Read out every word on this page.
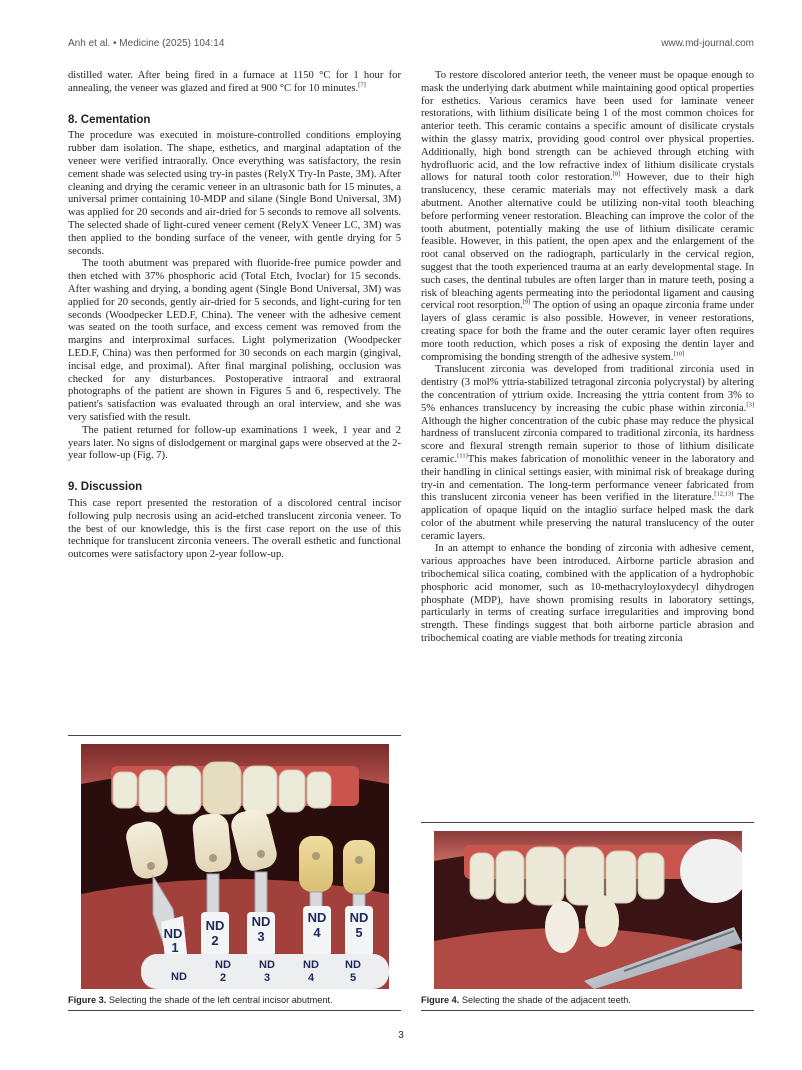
Anh et al. • Medicine (2025) 104:14	www.md-journal.com

distilled water. After being fired in a furnace at 1150 °C for 1 hour for annealing, the veneer was glazed and fired at 900 °C for 10 minutes.[7]

8. Cementation

The procedure was executed in moisture-controlled conditions employing rubber dam isolation. The shape, esthetics, and marginal adaptation of the veneer were verified intraorally. Once everything was satisfactory, the resin cement shade was selected using try-in pastes (RelyX Try-In Paste, 3M). After cleaning and drying the ceramic veneer in an ultrasonic bath for 15 minutes, a universal primer containing 10-MDP and silane (Single Bond Universal, 3M) was applied for 20 seconds and air-dried for 5 seconds to remove all solvents. The selected shade of light-cured veneer cement (RelyX Veneer LC, 3M) was then applied to the bonding surface of the veneer, with gentle drying for 5 seconds.

The tooth abutment was prepared with fluoride-free pumice powder and then etched with 37% phosphoric acid (Total Etch, Ivoclar) for 15 seconds. After washing and drying, a bonding agent (Single Bond Universal, 3M) was applied for 20 seconds, gently air-dried for 5 seconds, and light-curing for ten seconds (Woodpecker LED.F, China). The veneer with the adhesive cement was seated on the tooth surface, and excess cement was removed from the margins and interproximal surfaces. Light polymerization (Woodpecker LED.F, China) was then performed for 30 seconds on each margin (gingival, incisal edge, and proximal). After final marginal polishing, occlusion was checked for any disturbances. Postoperative intraoral and extraoral photographs of the patient are shown in Figures 5 and 6, respectively. The patient's satisfaction was evaluated through an oral interview, and she was very satisfied with the result.

The patient returned for follow-up examinations 1 week, 1 year and 2 years later. No signs of dislodgement or marginal gaps were observed at the 2-year follow-up (Fig. 7).

9. Discussion

This case report presented the restoration of a discolored central incisor following pulp necrosis using an acid-etched translucent zirconia veneer. To the best of our knowledge, this is the first case report on the use of this technique for translucent zirconia veneers. The overall esthetic and functional outcomes were satisfactory upon 2-year follow-up.

To restore discolored anterior teeth, the veneer must be opaque enough to mask the underlying dark abutment while maintaining good optical properties for esthetics. Various ceramics have been used for laminate veneer restorations, with lithium disilicate being 1 of the most common choices for anterior teeth. This ceramic contains a specific amount of disilicate crystals within the glassy matrix, providing good control over physical properties. Additionally, high bond strength can be achieved through etching with hydrofluoric acid, and the low refractive index of lithium disilicate crystals allows for natural tooth color restoration.[8] However, due to their high translucency, these ceramic materials may not effectively mask a dark abutment. Another alternative could be utilizing non-vital tooth bleaching before performing veneer restoration. Bleaching can improve the color of the tooth abutment, potentially making the use of lithium disilicate ceramic feasible. However, in this patient, the open apex and the enlargement of the root canal observed on the radiograph, particularly in the cervical region, suggest that the tooth experienced trauma at an early developmental stage. In such cases, the dentinal tubules are often larger than in mature teeth, posing a risk of bleaching agents permeating into the periodontal ligament and causing cervical root resorption.[9] The option of using an opaque zirconia frame under layers of glass ceramic is also possible. However, in veneer restorations, creating space for both the frame and the outer ceramic layer often requires more tooth reduction, which poses a risk of exposing the dentin layer and compromising the bonding strength of the adhesive system.[10]

Translucent zirconia was developed from traditional zirconia used in dentistry (3 mol% yttria-stabilized tetragonal zirconia polycrystal) by altering the concentration of yttrium oxide. Increasing the yttria content from 3% to 5% enhances translucency by increasing the cubic phase within zirconia.[3] Although the higher concentration of the cubic phase may reduce the physical hardness of translucent zirconia compared to traditional zirconia, its hardness score and flexural strength remain superior to those of lithium disilicate ceramic.[11]This makes fabrication of monolithic veneer in the laboratory and their handling in clinical settings easier, with minimal risk of breakage during try-in and cementation. The long-term performance veneer fabricated from this translucent zirconia veneer has been verified in the literature.[12,13] The application of opaque liquid on the intaglio surface helped mask the dark color of the abutment while preserving the natural translucency of the outer ceramic layers.

In an attempt to enhance the bonding of zirconia with adhesive cement, various approaches have been introduced. Airborne particle abrasion and tribochemical silica coating, combined with the application of a hydrophobic phosphoric acid monomer, such as 10-methacryloyloxydecyl dihydrogen phosphate (MDP), have shown promising results in laboratory settings, particularly in terms of creating surface irregularities and improving bond strength. These findings suggest that both airborne particle abrasion and tribochemical coating are viable methods for treating zirconia

ND
1
ND
2
ND
3
ND
4
ND
5
ND
ND
2
ND
3
ND
4
ND
5
Figure 3. Selecting the shade of the left central incisor abutment.	Figure 4. Selecting the shade of the adjacent teeth.
3
